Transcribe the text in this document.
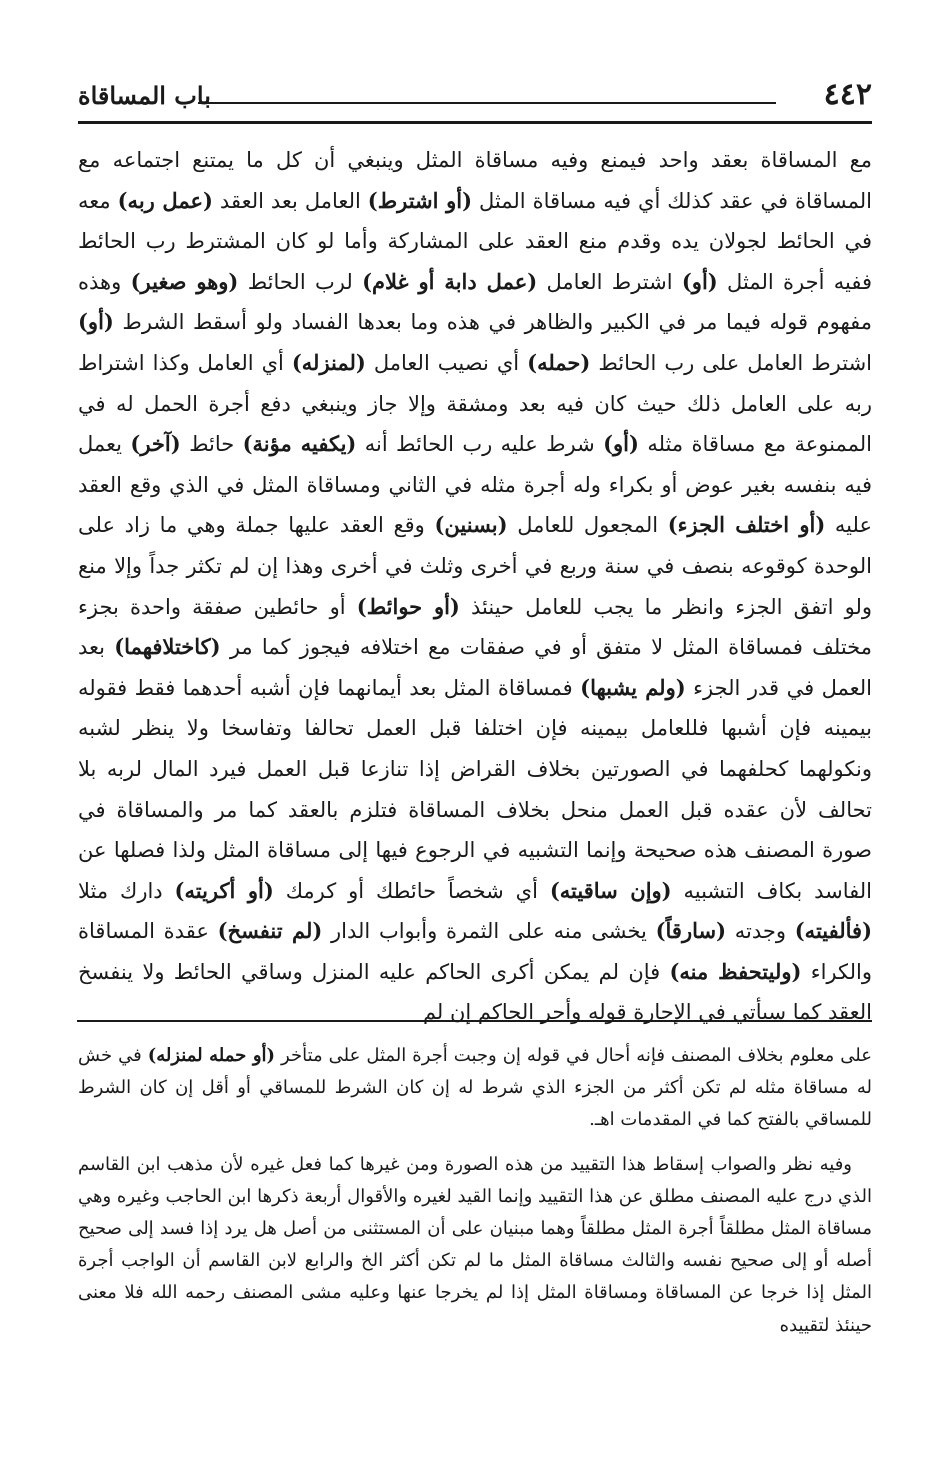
٤٤٢
باب المساقاة

مع المساقاة بعقد واحد فيمنع وفيه مساقاة المثل وينبغي أن كل ما يمتنع اجتماعه مع المساقاة في عقد كذلك أي فيه مساقاة المثل (أو اشترط) العامل بعد العقد (عمل ربه) معه في الحائط لجولان يده وقدم منع العقد على المشاركة وأما لو كان المشترط رب الحائط ففيه أجرة المثل (أو) اشترط العامل (عمل دابة أو غلام) لرب الحائط (وهو صغير) وهذه مفهوم قوله فيما مر في الكبير والظاهر في هذه وما بعدها الفساد ولو أسقط الشرط (أو) اشترط العامل على رب الحائط (حمله) أي نصيب العامل (لمنزله) أي العامل وكذا اشتراط ربه على العامل ذلك حيث كان فيه بعد ومشقة وإلا جاز وينبغي دفع أجرة الحمل له في الممنوعة مع مساقاة مثله (أو) شرط عليه رب الحائط أنه (يكفيه مؤنة) حائط (آخر) يعمل فيه بنفسه بغير عوض أو بكراء وله أجرة مثله في الثاني ومساقاة المثل في الذي وقع العقد عليه (أو اختلف الجزء) المجعول للعامل (بسنين) وقع العقد عليها جملة وهي ما زاد على الوحدة كوقوعه بنصف في سنة وربع في أخرى وثلث في أخرى وهذا إن لم تكثر جداً وإلا منع ولو اتفق الجزء وانظر ما يجب للعامل حينئذ (أو حوائط) أو حائطين صفقة واحدة بجزء مختلف فمساقاة المثل لا متفق أو في صفقات مع اختلافه فيجوز كما مر (كاختلافهما) بعد العمل في قدر الجزء (ولم يشبها) فمساقاة المثل بعد أيمانهما فإن أشبه أحدهما فقط فقوله بيمينه فإن أشبها فللعامل بيمينه فإن اختلفا قبل العمل تحالفا وتفاسخا ولا ينظر لشبه ونكولهما كحلفهما في الصورتين بخلاف القراض إذا تنازعا قبل العمل فيرد المال لربه بلا تحالف لأن عقده قبل العمل منحل بخلاف المساقاة فتلزم بالعقد كما مر والمساقاة في صورة المصنف هذه صحيحة وإنما التشبيه في الرجوع فيها إلى مساقاة المثل ولذا فصلها عن الفاسد بكاف التشبيه (وإن ساقيته) أي شخصاً حائطك أو كرمك (أو أكريته) دارك مثلا (فألفيته) وجدته (سارقاً) يخشى منه على الثمرة وأبواب الدار (لم تنفسخ) عقدة المساقاة والكراء (وليتحفظ منه) فإن لم يمكن أكرى الحاكم عليه المنزل وساقي الحائط ولا ينفسخ العقد كما سيأتي في الإجارة قوله وأجر الحاكم إن لم

على معلوم بخلاف المصنف فإنه أحال في قوله إن وجبت أجرة المثل على متأخر (أو حمله لمنزله) في خش له مساقاة مثله لم تكن أكثر من الجزء الذي شرط له إن كان الشرط للمساقي أو أقل إن كان الشرط للمساقي بالفتح كما في المقدمات اهـ.

وفيه نظر والصواب إسقاط هذا التقييد من هذه الصورة ومن غيرها كما فعل غيره لأن مذهب ابن القاسم الذي درج عليه المصنف مطلق عن هذا التقييد وإنما القيد لغيره والأقوال أربعة ذكرها ابن الحاجب وغيره وهي مساقاة المثل مطلقاً أجرة المثل مطلقاً وهما مبنيان على أن المستثنى من أصل هل يرد إذا فسد إلى صحيح أصله أو إلى صحيح نفسه والثالث مساقاة المثل ما لم تكن أكثر الخ والرابع لابن القاسم أن الواجب أجرة المثل إذا خرجا عن المساقاة ومساقاة المثل إذا لم يخرجا عنها وعليه مشى المصنف رحمه الله فلا معنى حينئذ لتقييده
